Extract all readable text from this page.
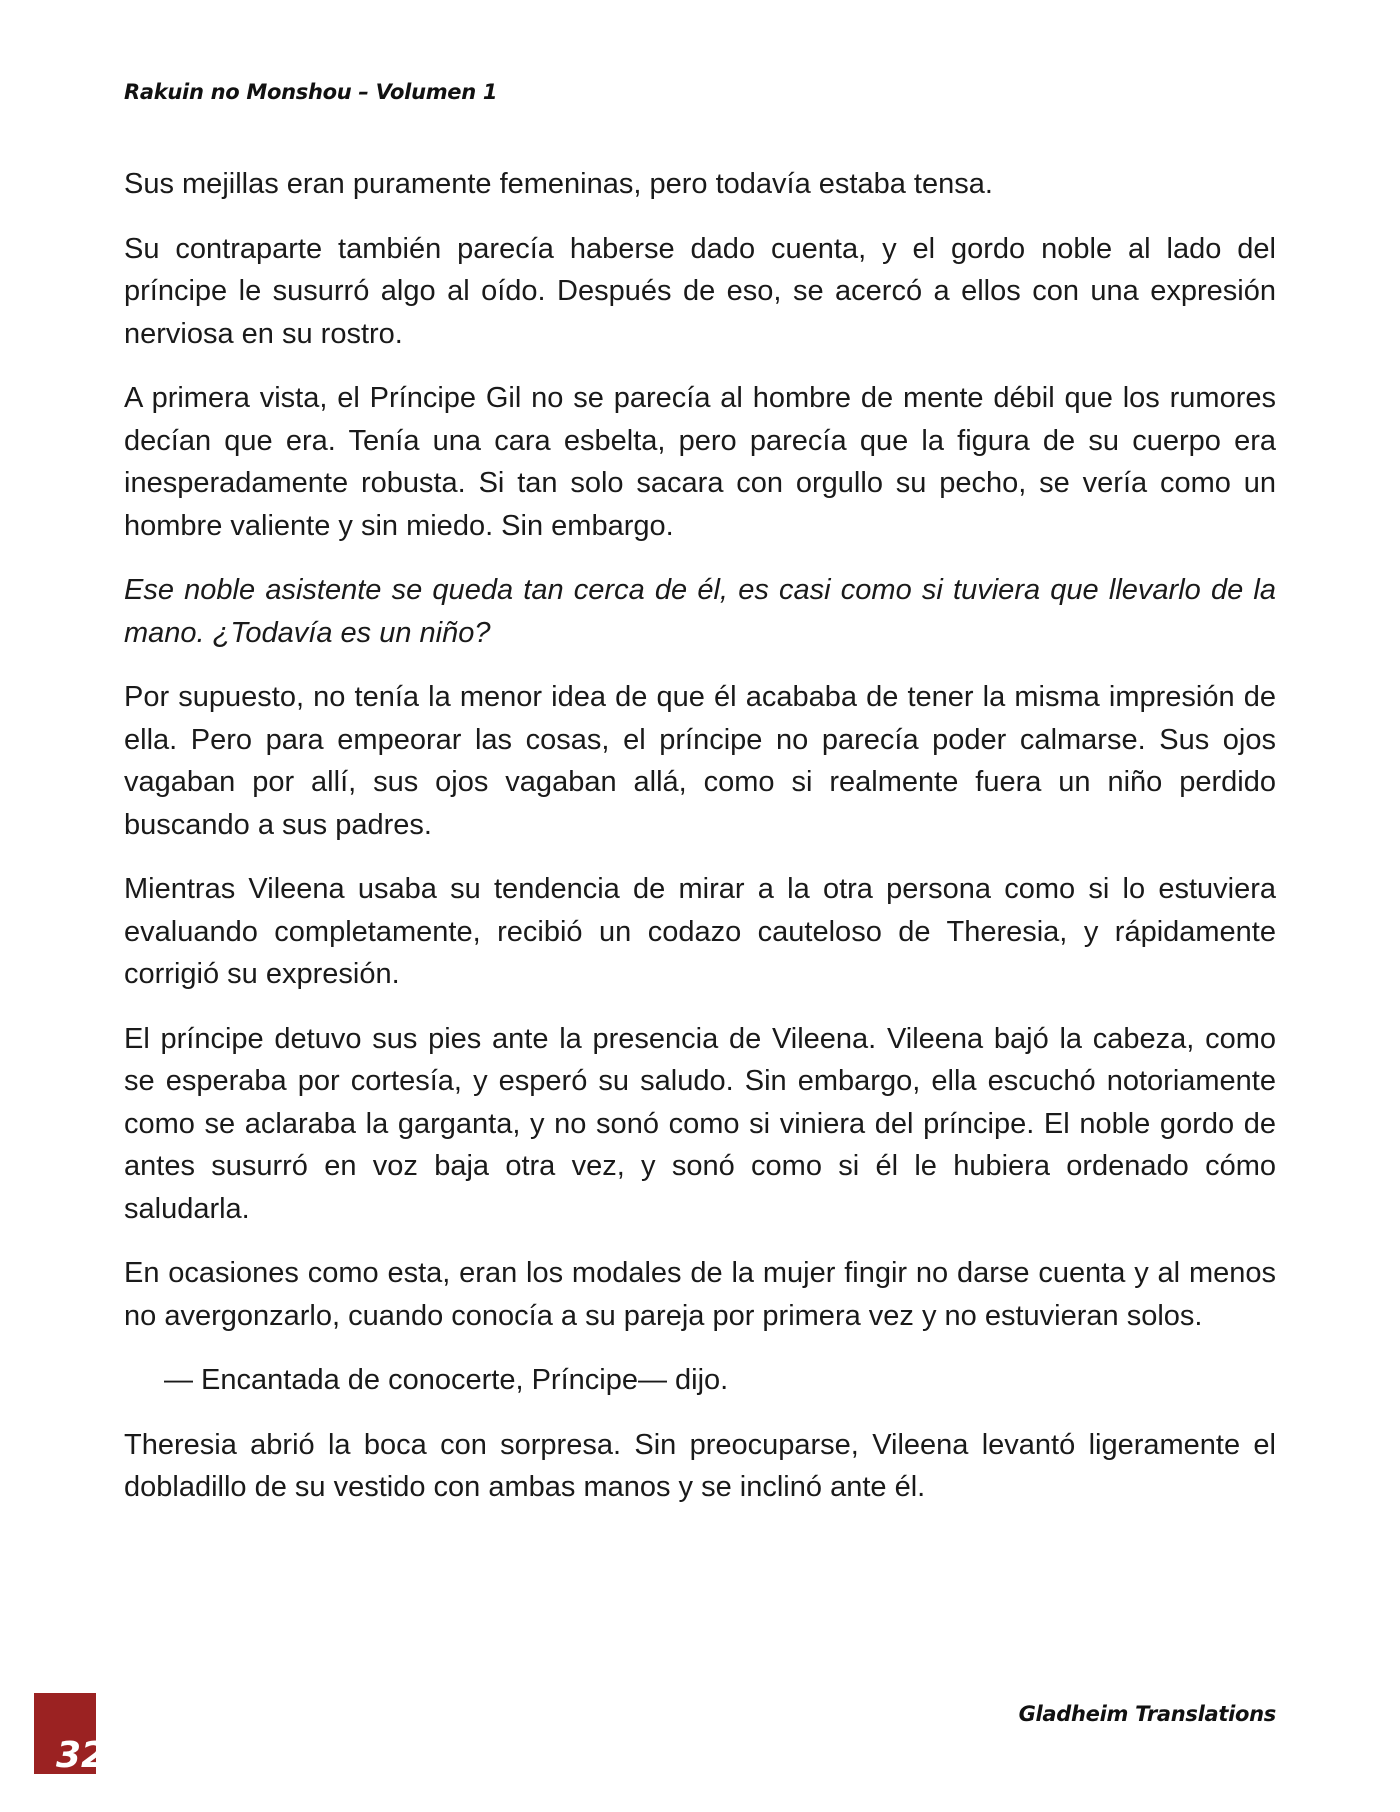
Rakuin no Monshou – Volumen 1

Sus mejillas eran puramente femeninas, pero todavía estaba tensa.

Su contraparte también parecía haberse dado cuenta, y el gordo noble al lado del príncipe le susurró algo al oído. Después de eso, se acercó a ellos con una expresión nerviosa en su rostro.

A primera vista, el Príncipe Gil no se parecía al hombre de mente débil que los rumores decían que era. Tenía una cara esbelta, pero parecía que la figura de su cuerpo era inesperadamente robusta. Si tan solo sacara con orgullo su pecho, se vería como un hombre valiente y sin miedo. Sin embargo.

Ese noble asistente se queda tan cerca de él, es casi como si tuviera que llevarlo de la mano. ¿Todavía es un niño?

Por supuesto, no tenía la menor idea de que él acababa de tener la misma impresión de ella. Pero para empeorar las cosas, el príncipe no parecía poder calmarse. Sus ojos vagaban por allí, sus ojos vagaban allá, como si realmente fuera un niño perdido buscando a sus padres.

Mientras Vileena usaba su tendencia de mirar a la otra persona como si lo estuviera evaluando completamente, recibió un codazo cauteloso de Theresia, y rápidamente corrigió su expresión.

El príncipe detuvo sus pies ante la presencia de Vileena. Vileena bajó la cabeza, como se esperaba por cortesía, y esperó su saludo. Sin embargo, ella escuchó notoriamente como se aclaraba la garganta, y no sonó como si viniera del príncipe. El noble gordo de antes susurró en voz baja otra vez, y sonó como si él le hubiera ordenado cómo saludarla.

En ocasiones como esta, eran los modales de la mujer fingir no darse cuenta y al menos no avergonzarlo, cuando conocía a su pareja por primera vez y no estuvieran solos.

— Encantada de conocerte, Príncipe— dijo.

Theresia abrió la boca con sorpresa. Sin preocuparse, Vileena levantó ligeramente el dobladillo de su vestido con ambas manos y se inclinó ante él.

32
Gladheim Translations
